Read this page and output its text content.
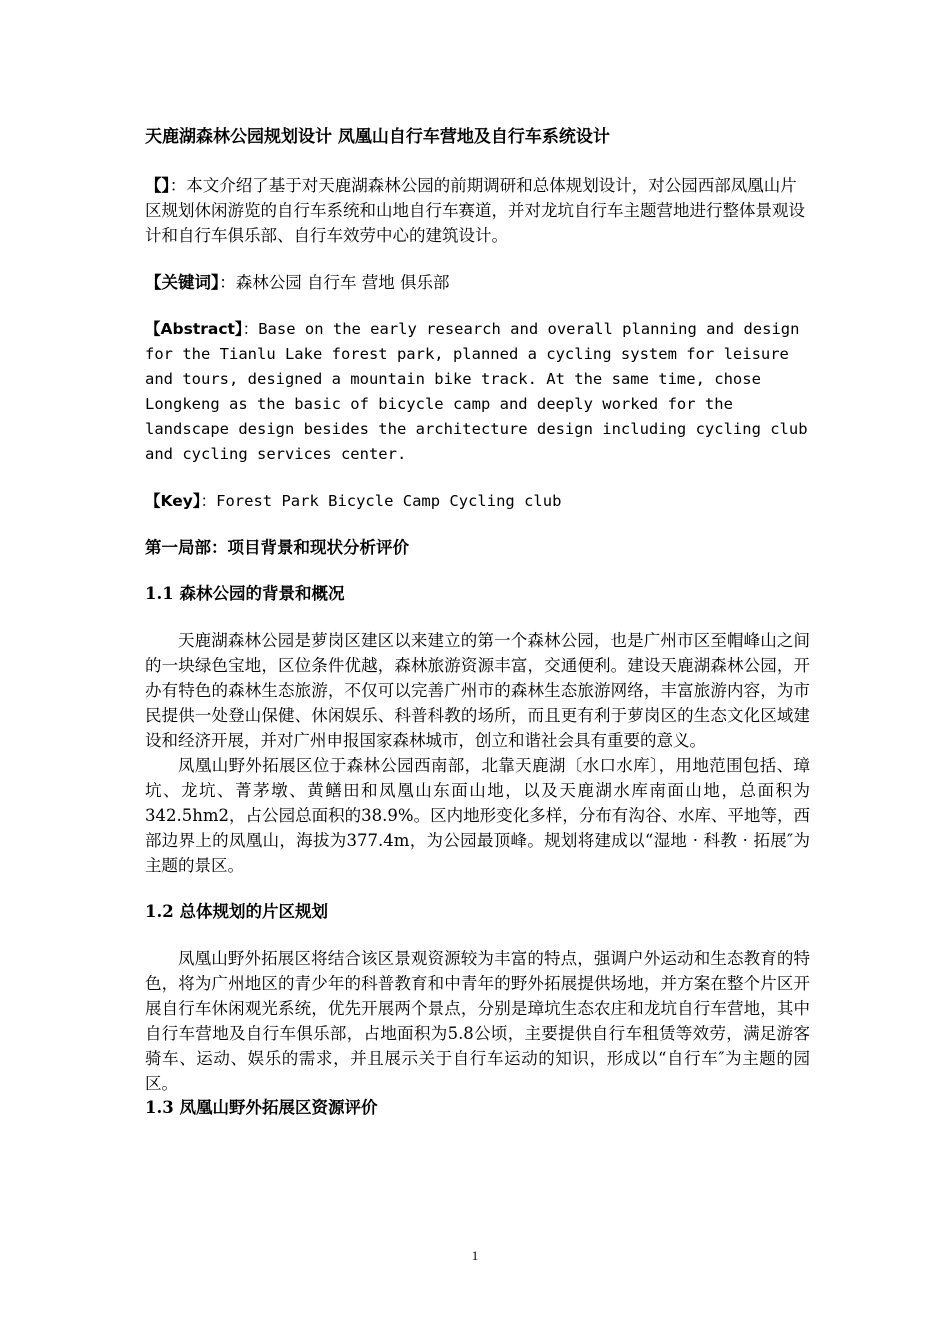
天鹿湖森林公园规划设计 凤凰山自行车营地及自行车系统设计

【】：本文介绍了基于对天鹿湖森林公园的前期调研和总体规划设计，对公园西部凤凰山片区规划休闲游览的自行车系统和山地自行车赛道，并对龙坑自行车主题营地进行整体景观设计和自行车俱乐部、自行车效劳中心的建筑设计。

【关键词】：森林公园 自行车 营地 俱乐部

【Abstract】：Base on the early research and overall planning and design for the Tianlu Lake forest park, planned a cycling system for leisure and tours, designed a mountain bike track. At the same time, chose Longkeng as the basic of bicycle camp and deeply worked for the landscape design besides the architecture design including cycling club and cycling services center.

【Key】：Forest Park Bicycle Camp Cycling club

第一局部：项目背景和现状分析评价

1.1 森林公园的背景和概况

天鹿湖森林公园是萝岗区建区以来建立的第一个森林公园，也是广州市区至帽峰山之间的一块绿色宝地，区位条件优越，森林旅游资源丰富，交通便利。建设天鹿湖森林公园，开办有特色的森林生态旅游，不仅可以完善广州市的森林生态旅游网络，丰富旅游内容，为市民提供一处登山保健、休闲娱乐、科普科教的场所，而且更有利于萝岗区的生态文化区域建 设和经济开展，并对广州申报国家森林城市，创立和谐社会具有重要的意义。

凤凰山野外拓展区位于森林公园西南部，北靠天鹿湖〔水口水库〕，用地范围包括、璋坑、龙坑、菁茅墩、黄鳝田和凤凰山东面山地，以及天鹿湖水库南面山地，总面积为342.5hm2，占公园总面积的38.9%。区内地形变化多样，分布有沟谷、水库、平地等，西部边界上的凤凰山，海拔为377.4m，为公园最顶峰。规划将建成以“湿地 · 科教 · 拓展″为主题的景区。

1.2 总体规划的片区规划

凤凰山野外拓展区将结合该区景观资源较为丰富的特点，强调户外运动和生态教育的特色，将为广州地区的青少年的科普教育和中青年的野外拓展提供场地，并方案在整个片区开展自行车休闲观光系统，优先开展两个景点，分别是璋坑生态农庄和龙坑自行车营地，其中自行车营地及自行车俱乐部，占地面积为5.8公顷，主要提供自行车租赁等效劳，满足游客骑车、运动、娱乐的需求，并且展示关于自行车运动的知识，形成以“自行车″为主题的园区。

1.3 凤凰山野外拓展区资源评价

1
